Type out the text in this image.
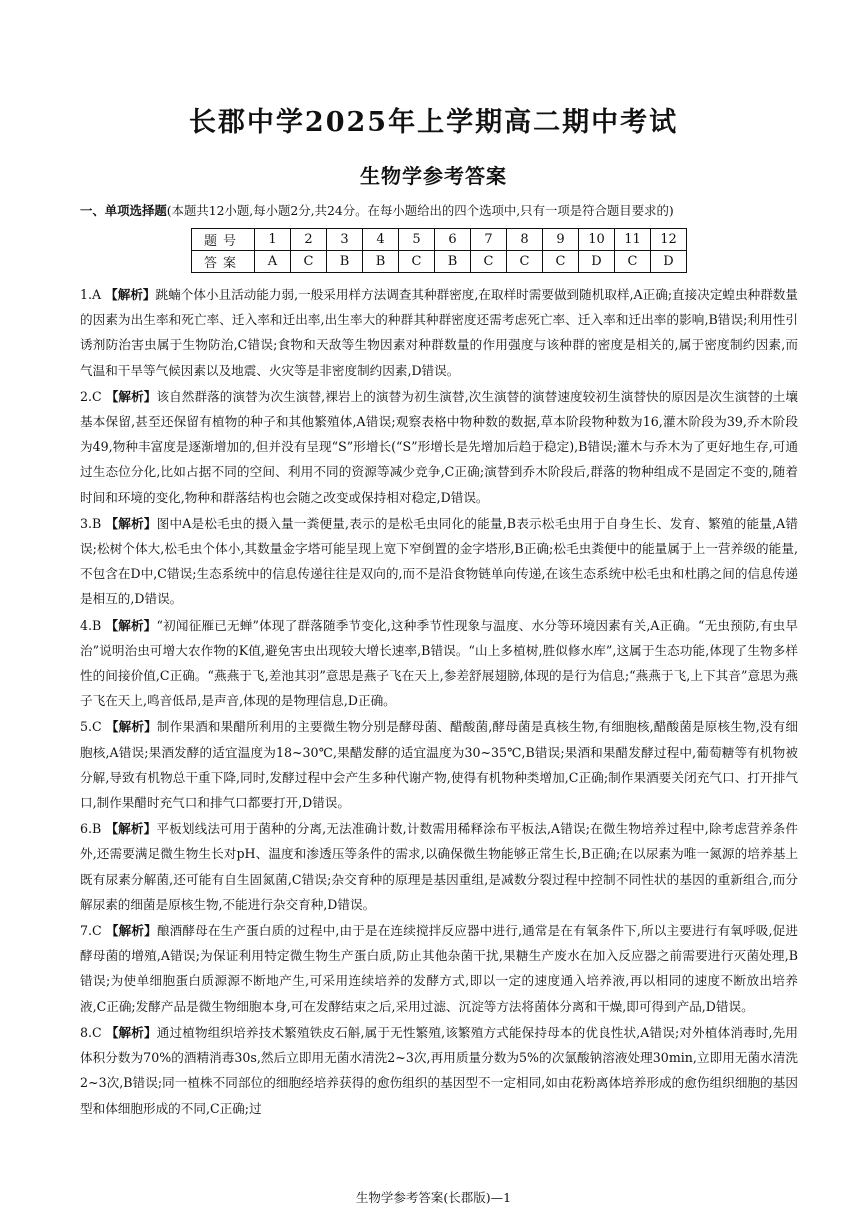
长郡中学2025年上学期高二期中考试
生物学参考答案
一、单项选择题(本题共12小题,每小题2分,共24分。在每小题给出的四个选项中,只有一项是符合题目要求的)
题号	1	2	3	4	5	6	7	8	9	10	11	12
答案	A	C	B	B	C	B	C	C	C	D	C	D

1.A 【解析】跳蝻个体小且活动能力弱,一般采用样方法调查其种群密度,在取样时需要做到随机取样,A正确;直接决定蝗虫种群数量的因素为出生率和死亡率、迁入率和迁出率,出生率大的种群其种群密度还需考虑死亡率、迁入率和迁出率的影响,B错误;利用性引诱剂防治害虫属于生物防治,C错误;食物和天敌等生物因素对种群数量的作用强度与该种群的密度是相关的,属于密度制约因素,而气温和干旱等气候因素以及地震、火灾等是非密度制约因素,D错误。

2.C 【解析】该自然群落的演替为次生演替,裸岩上的演替为初生演替,次生演替的演替速度较初生演替快的原因是次生演替的土壤基本保留,甚至还保留有植物的种子和其他繁殖体,A错误;观察表格中物种数的数据,草本阶段物种数为16,灌木阶段为39,乔木阶段为49,物种丰富度是逐渐增加的,但并没有呈现“S”形增长(“S”形增长是先增加后趋于稳定),B错误;灌木与乔木为了更好地生存,可通过生态位分化,比如占据不同的空间、利用不同的资源等减少竞争,C正确;演替到乔木阶段后,群落的物种组成不是固定不变的,随着时间和环境的变化,物种和群落结构也会随之改变或保持相对稳定,D错误。

3.B 【解析】图中A是松毛虫的摄入量一粪便量,表示的是松毛虫同化的能量,B表示松毛虫用于自身生长、发育、繁殖的能量,A错误;松树个体大,松毛虫个体小,其数量金字塔可能呈现上宽下窄倒置的金字塔形,B正确;松毛虫粪便中的能量属于上一营养级的能量,不包含在D中,C错误;生态系统中的信息传递往往是双向的,而不是沿食物链单向传递,在该生态系统中松毛虫和杜鹃之间的信息传递是相互的,D错误。

4.B 【解析】“初闻征雁已无蝉”体现了群落随季节变化,这种季节性现象与温度、水分等环境因素有关,A正确。“无虫预防,有虫早治”说明治虫可增大农作物的K值,避免害虫出现较大增长速率,B错误。“山上多植树,胜似修水库”,这属于生态功能,体现了生物多样性的间接价值,C正确。“燕燕于飞,差池其羽”意思是燕子飞在天上,参差舒展翅膀,体现的是行为信息;“燕燕于飞,上下其音”意思为燕子飞在天上,鸣音低昂,是声音,体现的是物理信息,D正确。

5.C 【解析】制作果酒和果醋所利用的主要微生物分别是酵母菌、醋酸菌,酵母菌是真核生物,有细胞核,醋酸菌是原核生物,没有细胞核,A错误;果酒发酵的适宜温度为18~30℃,果醋发酵的适宜温度为30~35℃,B错误;果酒和果醋发酵过程中,葡萄糖等有机物被分解,导致有机物总干重下降,同时,发酵过程中会产生多种代谢产物,使得有机物种类增加,C正确;制作果酒要关闭充气口、打开排气口,制作果醋时充气口和排气口都要打开,D错误。

6.B 【解析】平板划线法可用于菌种的分离,无法准确计数,计数需用稀释涂布平板法,A错误;在微生物培养过程中,除考虑营养条件外,还需要满足微生物生长对pH、温度和渗透压等条件的需求,以确保微生物能够正常生长,B正确;在以尿素为唯一氮源的培养基上既有尿素分解菌,还可能有自生固氮菌,C错误;杂交育种的原理是基因重组,是减数分裂过程中控制不同性状的基因的重新组合,而分解尿素的细菌是原核生物,不能进行杂交育种,D错误。

7.C 【解析】酿酒酵母在生产蛋白质的过程中,由于是在连续搅拌反应器中进行,通常是在有氧条件下,所以主要进行有氧呼吸,促进酵母菌的增殖,A错误;为保证利用特定微生物生产蛋白质,防止其他杂菌干扰,果糖生产废水在加入反应器之前需要进行灭菌处理,B错误;为使单细胞蛋白质源源不断地产生,可采用连续培养的发酵方式,即以一定的速度通入培养液,再以相同的速度不断放出培养液,C正确;发酵产品是微生物细胞本身,可在发酵结束之后,采用过滤、沉淀等方法将菌体分离和干燥,即可得到产品,D错误。

8.C 【解析】通过植物组织培养技术繁殖铁皮石斛,属于无性繁殖,该繁殖方式能保持母本的优良性状,A错误;对外植体消毒时,先用体积分数为70%的酒精消毒30s,然后立即用无菌水清洗2~3次,再用质量分数为5%的次氯酸钠溶液处理30min,立即用无菌水清洗2~3次,B错误;同一植株不同部位的细胞经培养获得的愈伤组织的基因型不一定相同,如由花粉离体培养形成的愈伤组织细胞的基因型和体细胞形成的不同,C正确;过

生物学参考答案(长郡版)—1
